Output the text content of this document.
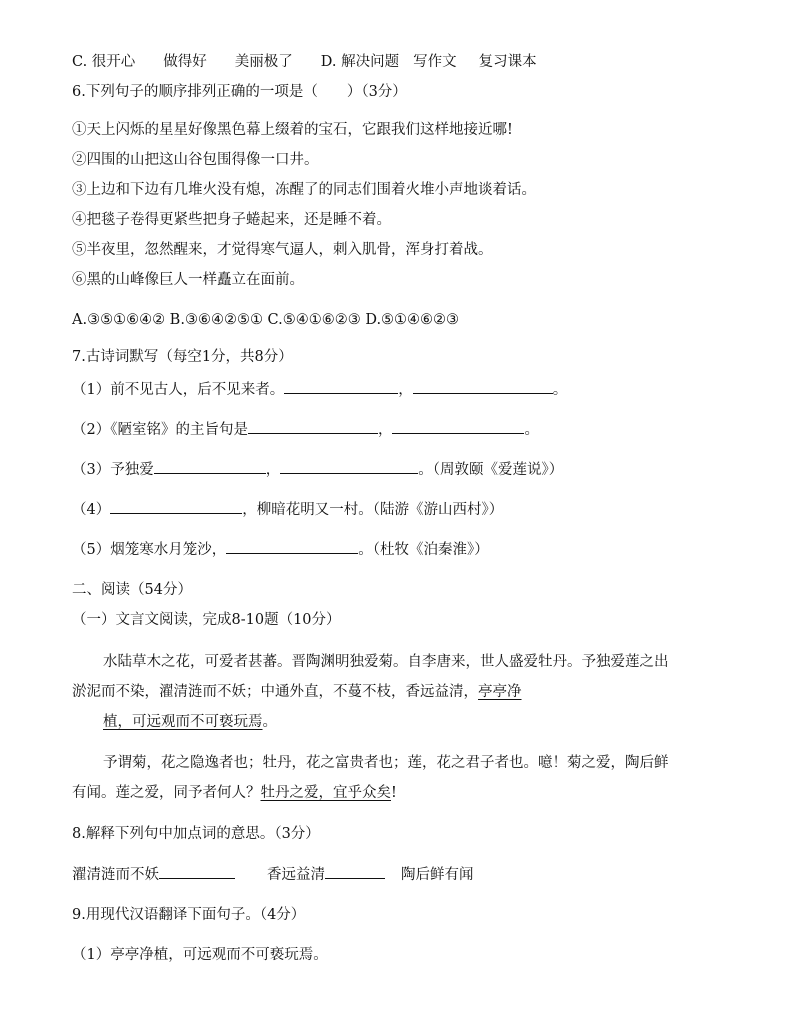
C. 很开心 做得好 美丽极了 D. 解决问题 写作文 复习课本
6.下列句子的顺序排列正确的一项是（　　）（3分）
①天上闪烁的星星好像黑色幕上缀着的宝石，它跟我们这样地接近哪!
②四围的山把这山谷包围得像一口井。
③上边和下边有几堆火没有熄，冻醒了的同志们围着火堆小声地谈着话。
④把毯子卷得更紧些把身子蜷起来，还是睡不着。
⑤半夜里，忽然醒来，才觉得寒气逼人，刺入肌骨，浑身打着战。
⑥黑的山峰像巨人一样矗立在面前。
A.③⑤①⑥④② B.③⑥④②⑤① C.⑤④①⑥②③ D.⑤①④⑥②③
7.古诗词默写（每空1分，共8分）
（1）前不见古人，后不见来者。	，	。
（2）《陋室铭》的主旨句是	，	。
（3）予独爱	，	。（周敦颐《爱莲说》）
（4）	，柳暗花明又一村。（陆游《游山西村》）
（5）烟笼寒水月笼沙，	。（杜牧《泊秦淮》）
二、阅读（54分）
（一）文言文阅读，完成8-10题（10分）
水陆草木之花，可爱者甚蕃。晋陶渊明独爱菊。自李唐来，世人盛爱牡丹。予独爱莲之出
淤泥而不染，濯清涟而不妖；中通外直，不蔓不枝，香远益清，亭亭净
植，可远观而不可亵玩焉。
予谓菊，花之隐逸者也；牡丹，花之富贵者也；莲，花之君子者也。噫！菊之爱，陶后鲜
有闻。莲之爱，同予者何人？牡丹之爱，宜乎众矣!
8.解释下列句中加点词的意思。（3分）
濯清涟而不妖	香远益清	陶后鲜有闻
9.用现代汉语翻译下面句子。（4分）
（1）亭亭净植，可远观而不可亵玩焉。
